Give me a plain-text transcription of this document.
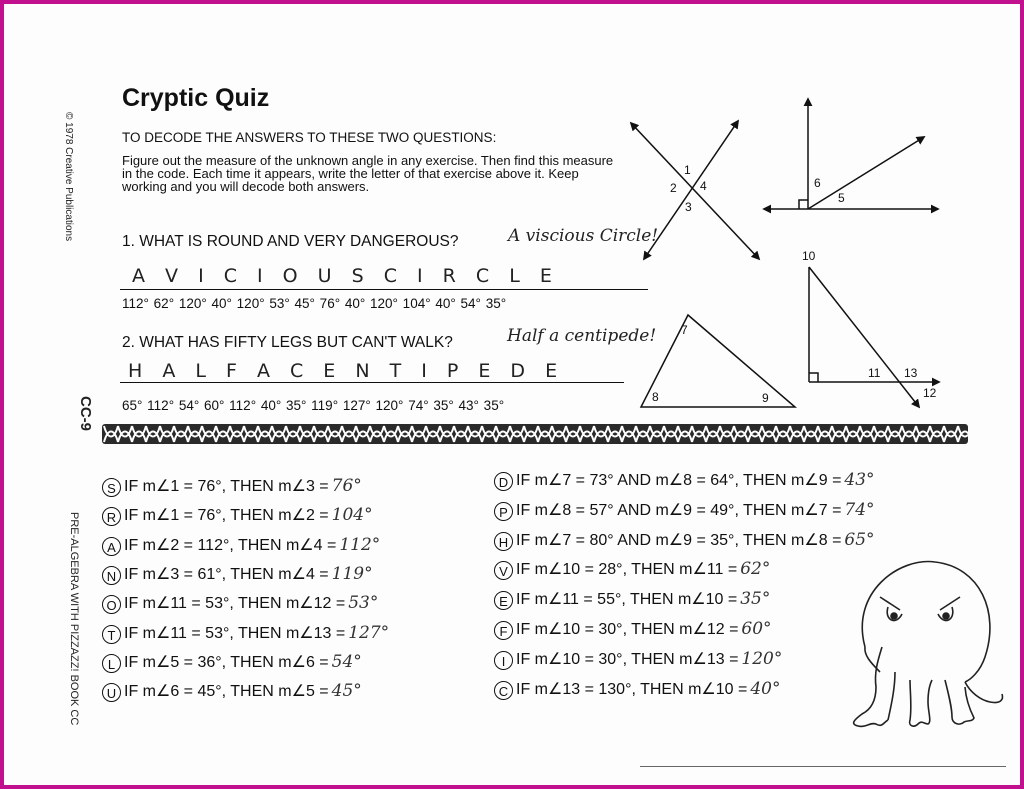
© 1978 Creative Publications
CC-9
PRE-ALGEBRA WITH PIZZAZZ! BOOK CC
Cryptic Quiz
TO DECODE THE ANSWERS TO THESE TWO QUESTIONS:
Figure out the measure of the unknown angle in any exercise. Then find this measure in the code. Each time it appears, write the letter of that exercise above it. Keep working and you will decode both answers.
1. WHAT IS ROUND AND VERY DANGEROUS?	A viscious Circle!
A V I C I O U S C I R C L E
112° 62° 120° 40° 120° 53° 45° 76° 40° 120° 104° 40° 54° 35°
2. WHAT HAS FIFTY LEGS BUT CAN'T WALK?	Half a centipede!
H A L F A C E N T I P E D E
65° 112° 54° 60° 112° 40° 35° 119° 127° 120° 74° 35° 43° 35°
1
2
3
4	6
5
7
8	9
10
11 13
12
S IF m∠1 = 76°, THEN m∠3 = 76°
R IF m∠1 = 76°, THEN m∠2 = 104°
A IF m∠2 = 112°, THEN m∠4 = 112°
N IF m∠3 = 61°, THEN m∠4 = 119°
O IF m∠11 = 53°, THEN m∠12 = 53°
T IF m∠11 = 53°, THEN m∠13 = 127°
L IF m∠5 = 36°, THEN m∠6 = 54°
U IF m∠6 = 45°, THEN m∠5 = 45°
D IF m∠7 = 73° AND m∠8 = 64°, THEN m∠9 = 43°
P IF m∠8 = 57° AND m∠9 = 49°, THEN m∠7 = 74°
H IF m∠7 = 80° AND m∠9 = 35°, THEN m∠8 = 65°
V IF m∠10 = 28°, THEN m∠11 = 62°
E IF m∠11 = 55°, THEN m∠10 = 35°
F IF m∠10 = 30°, THEN m∠12 = 60°
I IF m∠10 = 30°, THEN m∠13 = 120°
C IF m∠13 = 130°, THEN m∠10 = 40°
